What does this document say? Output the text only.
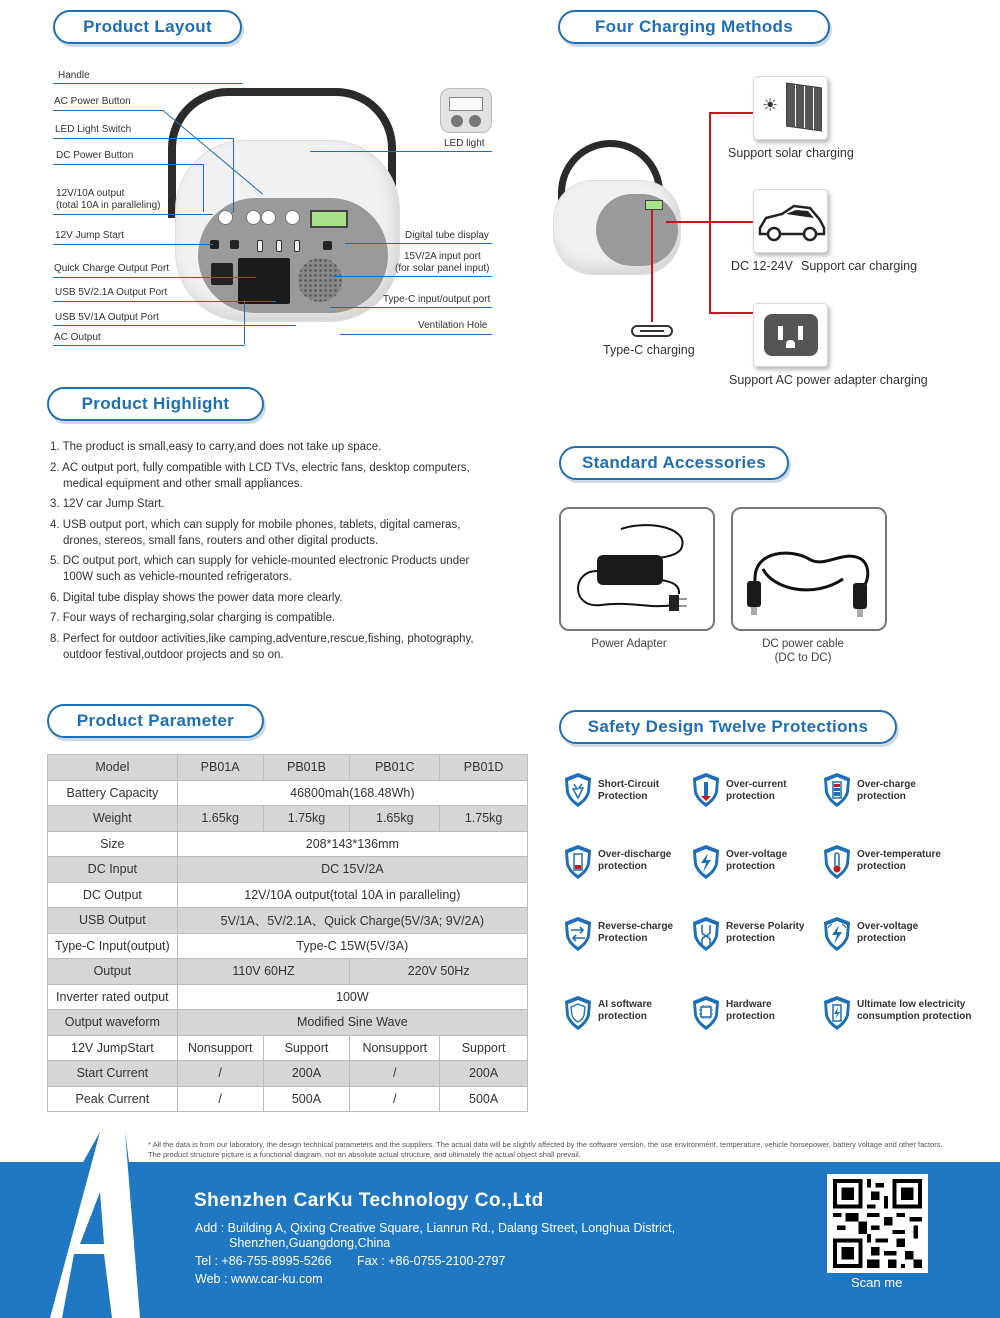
Product Layout	Four Charging Methods
Product Highlight
Standard Accessories
Product Parameter	Safety Design Twelve Protections
Handle
AC Power Button
LED Light Switch
DC Power Button
12V/10A output
(total 10A in paralleling)
12V Jump Start
Quick Charge Output Port
USB 5V/2.1A Output Port
USB 5V/1A Output Port
AC Output
LED light
Digital tube display
15V/2A input port
(for solar panel input)
Type-C input/output port
Ventilation Hole
☀
Support solar charging
DC 12-24V Support car charging
Support AC power adapter charging
Type-C charging
1. The product is small,easy to carry,and does not take up space.
2. AC output port, fully compatible with LCD TVs, electric fans, desktop computers, medical equipment and other small appliances.
3. 12V car Jump Start.
4. USB output port, which can supply for mobile phones, tablets, digital cameras, drones, stereos, small fans, routers and other digital products.
5. DC output port, which can supply for vehicle-mounted electronic Products under 100W such as vehicle-mounted refrigerators.
6. Digital tube display shows the power data more clearly.
7. Four ways of recharging,solar charging is compatible.
8. Perfect for outdoor activities,like camping,adventure,rescue,fishing, photography, outdoor festival,outdoor projects and so on.
Power Adapter	DC power cable
(DC to DC)
Model	PB01A	PB01B	PB01C	PB01D
Battery Capacity	46800mah(168.48Wh)			
Weight	1.65kg	1.75kg	1.65kg	1.75kg
Size	208*143*136mm			
DC Input	DC 15V/2A			
DC Output	12V/10A output(total 10A in paralleling)			
USB Output	5V/1A、5V/2.1A、Quick Charge(5V/3A; 9V/2A)			
Type-C Input(output)	Type-C 15W(5V/3A)			
Output	110V 60HZ		220V 50Hz	
Inverter rated output	100W			
Output waveform	Modified Sine Wave			
12V JumpStart	Nonsupport	Support	Nonsupport	Support
Start Current	/	200A	/	200A
Peak Current	/	500A	/	500A
Short-Circuit
Protection
Over-current
protection
Over-charge
protection
Over-discharge
protection
Over-voltage
protection
Over-temperature
protection
Reverse-charge
Protection
Reverse Polarity
protection
Over-voltage
protection
AI software
protection
Hardware
protection
Ultimate low electricity
consumption protection
* All the data is from our laboratory, the design technical parameters and the suppliers. The actual data will be slightly affected by the software version, the use environment, temperature, vehicle horsepower, battery voltage and other factors. The product structure picture is a functional diagram, not an absolute actual structure, and ultimately the actual object shall prevail.
Shenzhen CarKu Technology Co.,Ltd
Add : Building A, Qixing Creative Square, Lianrun Rd., Dalang Street, Longhua District,
Shenzhen,Guangdong,China
Tel : +86-755-8995-5266 Fax : +86-0755-2100-2797
Web : www.car-ku.com	Scan me
